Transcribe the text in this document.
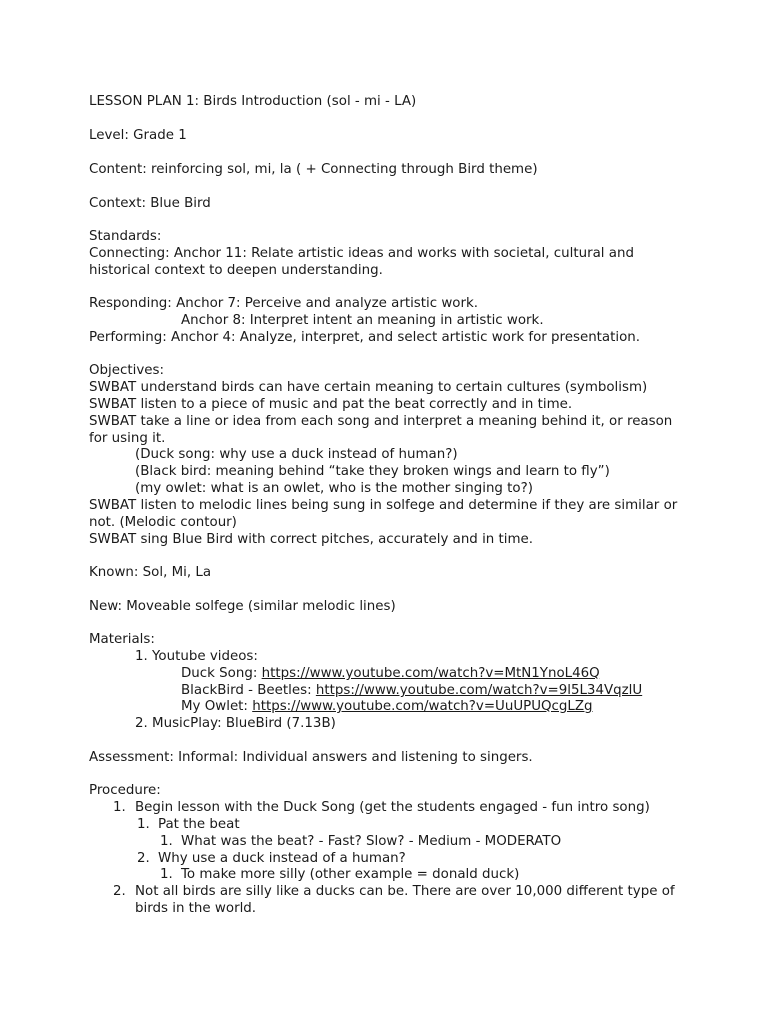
LESSON PLAN 1: Birds Introduction (sol - mi - LA)
Level: Grade 1
Content: reinforcing sol, mi, la ( + Connecting through Bird theme)
Context: Blue Bird
Standards:
Connecting: Anchor 11: Relate artistic ideas and works with societal, cultural and
historical context to deepen understanding.
Responding: Anchor 7: Perceive and analyze artistic work.
Anchor 8: Interpret intent an meaning in artistic work.
Performing: Anchor 4: Analyze, interpret, and select artistic work for presentation.
Objectives:
SWBAT understand birds can have certain meaning to certain cultures (symbolism)
SWBAT listen to a piece of music and pat the beat correctly and in time.
SWBAT take a line or idea from each song and interpret a meaning behind it, or reason
for using it.
(Duck song: why use a duck instead of human?)
(Black bird: meaning behind “take they broken wings and learn to fly”)
(my owlet: what is an owlet, who is the mother singing to?)
SWBAT listen to melodic lines being sung in solfege and determine if they are similar or
not. (Melodic contour)
SWBAT sing Blue Bird with correct pitches, accurately and in time.
Known: Sol, Mi, La
New: Moveable solfege (similar melodic lines)
Materials:
1. Youtube videos:
Duck Song: https://www.youtube.com/watch?v=MtN1YnoL46Q
BlackBird - Beetles: https://www.youtube.com/watch?v=9l5L34VqzlU
My Owlet: https://www.youtube.com/watch?v=UuUPUQcgLZg
2. MusicPlay: BlueBird (7.13B)
Assessment: Informal: Individual answers and listening to singers.
Procedure:
1. Begin lesson with the Duck Song (get the students engaged - fun intro song)
1. Pat the beat
1. What was the beat? - Fast? Slow? - Medium - MODERATO
2. Why use a duck instead of a human?
1. To make more silly (other example = donald duck)
2. Not all birds are silly like a ducks can be. There are over 10,000 different type of
birds in the world.
